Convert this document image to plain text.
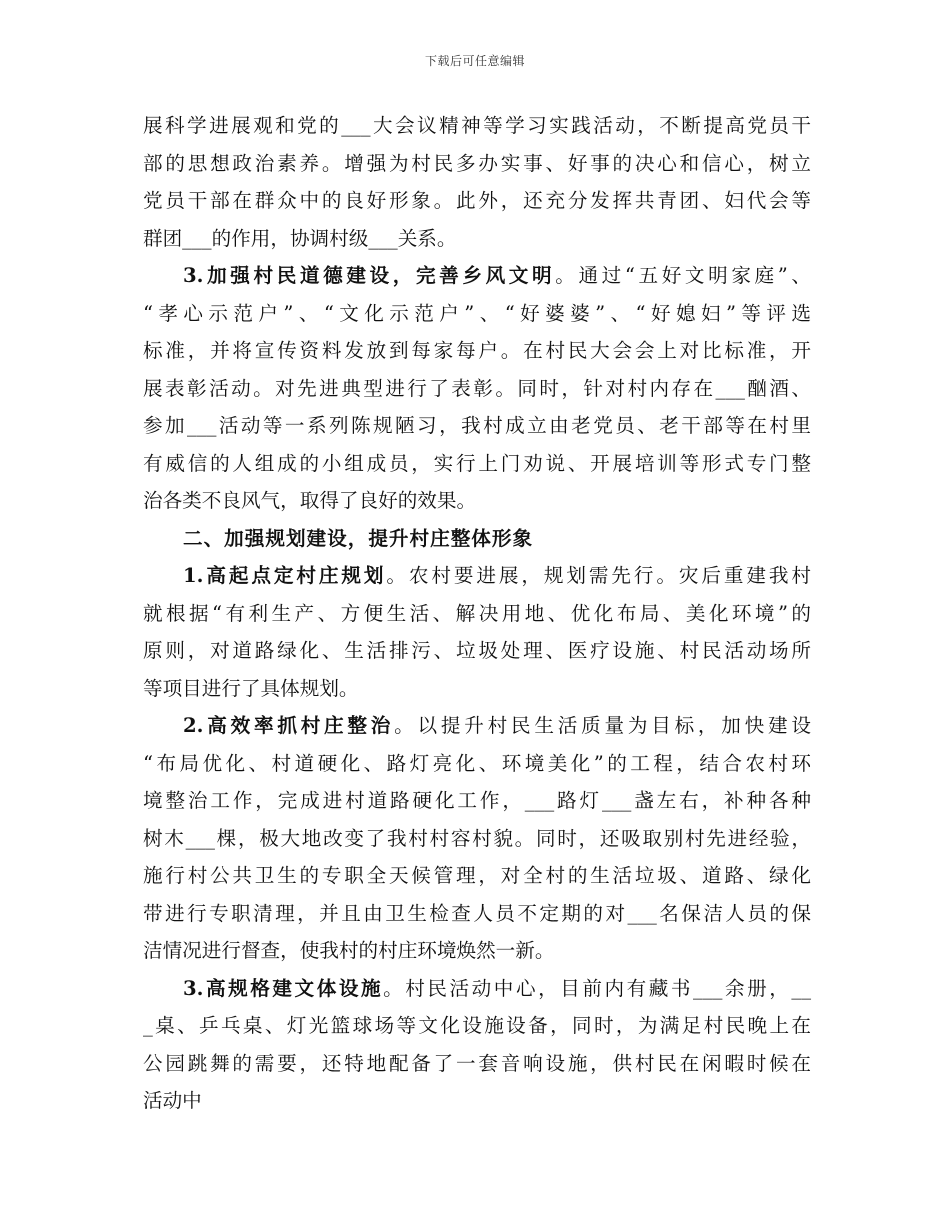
下载后可任意编辑
展科学进展观和党的___大会议精神等学习实践活动，不断提高党员干
部的思想政治素养。增强为村民多办实事、好事的决心和信心，树立
党员干部在群众中的良好形象。此外，还充分发挥共青团、妇代会等
群团___的作用，协调村级___关系。
3.加强村民道德建设，完善乡风文明。通过“五好文明家庭”、
“孝心示范户”、“文化示范户”、“好婆婆”、“好媳妇”等评选
标准，并将宣传资料发放到每家每户。在村民大会会上对比标准，开
展表彰活动。对先进典型进行了表彰。同时，针对村内存在___酗酒、
参加___活动等一系列陈规陋习，我村成立由老党员、老干部等在村里
有威信的人组成的小组成员，实行上门劝说、开展培训等形式专门整
治各类不良风气，取得了良好的效果。
二、加强规划建设，提升村庄整体形象
1.高起点定村庄规划。农村要进展，规划需先行。灾后重建我村
就根据“有利生产、方便生活、解决用地、优化布局、美化环境”的
原则，对道路绿化、生活排污、垃圾处理、医疗设施、村民活动场所
等项目进行了具体规划。
2.高效率抓村庄整治。以提升村民生活质量为目标，加快建设
“布局优化、村道硬化、路灯亮化、环境美化”的工程，结合农村环
境整治工作，完成进村道路硬化工作，___路灯___盏左右，补种各种
树木___棵，极大地改变了我村村容村貌。同时，还吸取别村先进经验，
施行村公共卫生的专职全天候管理，对全村的生活垃圾、道路、绿化
带进行专职清理，并且由卫生检查人员不定期的对___名保洁人员的保
洁情况进行督查，使我村的村庄环境焕然一新。
3.高规格建文体设施。村民活动中心，目前内有藏书___余册，__
_桌、乒乓桌、灯光篮球场等文化设施设备，同时，为满足村民晚上在
公园跳舞的需要，还特地配备了一套音响设施，供村民在闲暇时候在
活动中
